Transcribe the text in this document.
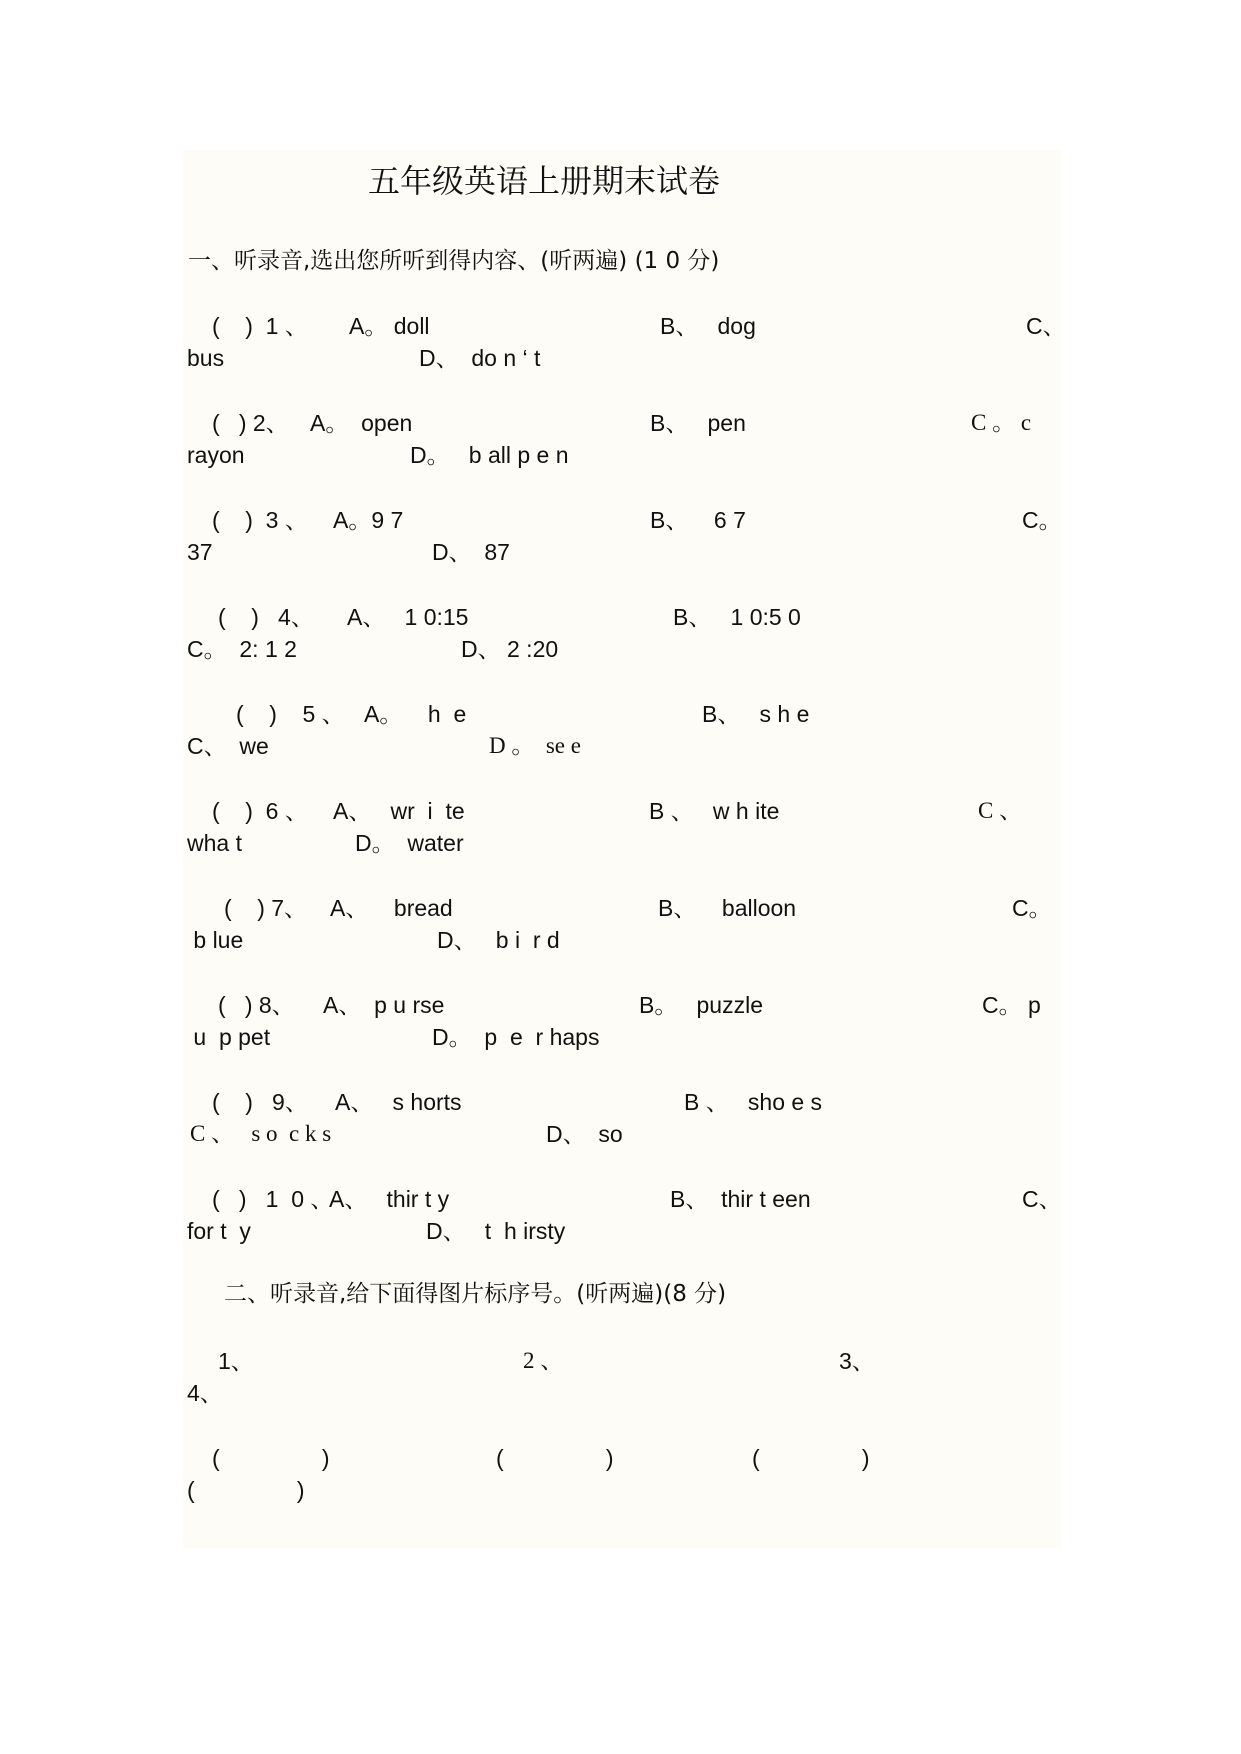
五年级英语上册期末试卷
一、听录音,选出您所听到得内容、(听两遍) (1 0 分)
(    )  1 、 A。 doll	B、   dog	C、
bus	D、  do n ‘ t
(   ) 2、 A。  open	B、   pen	C 。 c
rayon	D。   b all p e n
(    )  3 、 A。9 7	B、    6 7	C。
37	D、  87
(    )   4、 A、   1 0:15	B、   1 0:5 0
C。  2: 1 2	D、 2 :20
(    )    5 、 A。    h  e	B、   s h e
C、  we	D 。  se e
(    )  6 、 A、   wr  i  te	B 、   w h ite	C 、
wha t	D。  water
(    ) 7、 A、    bread	B、    balloon	C。
b lue	D、   b i  r d
(   ) 8、 A、  p u rse	B。   puzzle	C。 p
u  p pet	D。  p  e  r haps
(    )   9、 A、   s horts	B 、   sho e s
C 、   s o  c k s	D、  so
(   )   1  0 、
A、   thir t y	B、  thir t een	C、
for t  y	D、   t  h irsty
二、听录音,给下面得图片标序号。(听两遍)(8 分)
1、	2 、	3、
4、
(                )	(                )	(                )
(                )
